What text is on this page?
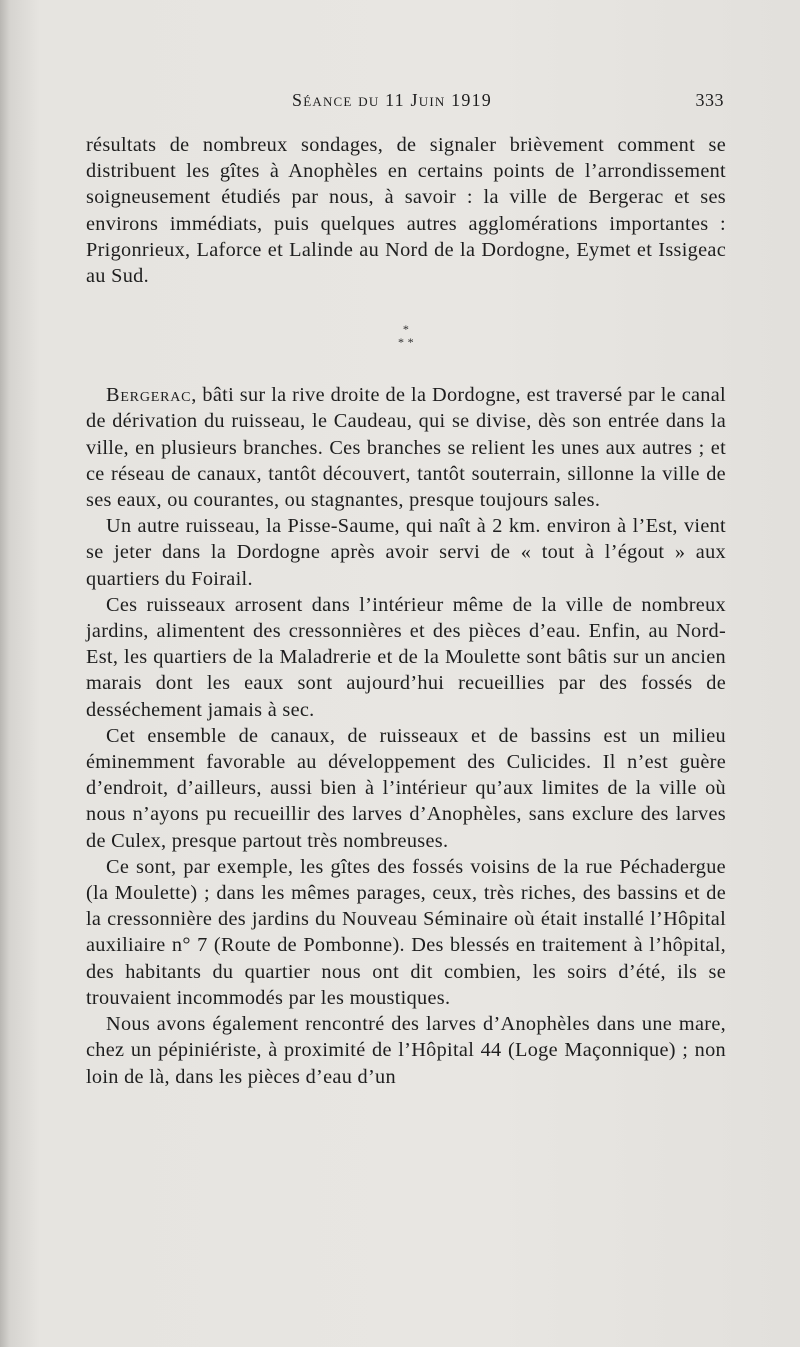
Séance du 11 Juin 1919	333

résultats de nombreux sondages, de signaler brièvement comment se distribuent les gîtes à Anophèles en certains points de l’arrondissement soigneusement étudiés par nous, à savoir : la ville de Bergerac et ses environs immédiats, puis quelques autres agglomérations importantes : Prigonrieux, Laforce et Lalinde au Nord de la Dordogne, Eymet et Issigeac au Sud.

*
* *

Bergerac, bâti sur la rive droite de la Dordogne, est traversé par le canal de dérivation du ruisseau, le Caudeau, qui se divise, dès son entrée dans la ville, en plusieurs branches. Ces branches se relient les unes aux autres ; et ce réseau de canaux, tantôt découvert, tantôt souterrain, sillonne la ville de ses eaux, ou courantes, ou stagnantes, presque toujours sales.

Un autre ruisseau, la Pisse-Saume, qui naît à 2 km. environ à l’Est, vient se jeter dans la Dordogne après avoir servi de « tout à l’égout » aux quartiers du Foirail.

Ces ruisseaux arrosent dans l’intérieur même de la ville de nombreux jardins, alimentent des cressonnières et des pièces d’eau. Enfin, au Nord-Est, les quartiers de la Maladrerie et de la Moulette sont bâtis sur un ancien marais dont les eaux sont aujourd’hui recueillies par des fossés de desséchement jamais à sec.

Cet ensemble de canaux, de ruisseaux et de bassins est un milieu éminemment favorable au développement des Culicides. Il n’est guère d’endroit, d’ailleurs, aussi bien à l’intérieur qu’aux limites de la ville où nous n’ayons pu recueillir des larves d’Anophèles, sans exclure des larves de Culex, presque partout très nombreuses.

Ce sont, par exemple, les gîtes des fossés voisins de la rue Péchadergue (la Moulette) ; dans les mêmes parages, ceux, très riches, des bassins et de la cressonnière des jardins du Nouveau Séminaire où était installé l’Hôpital auxiliaire n° 7 (Route de Pombonne). Des blessés en traitement à l’hôpital, des habitants du quartier nous ont dit combien, les soirs d’été, ils se trouvaient incommodés par les moustiques.

Nous avons également rencontré des larves d’Anophèles dans une mare, chez un pépiniériste, à proximité de l’Hôpital 44 (Loge Maçonnique) ; non loin de là, dans les pièces d’eau d’un
